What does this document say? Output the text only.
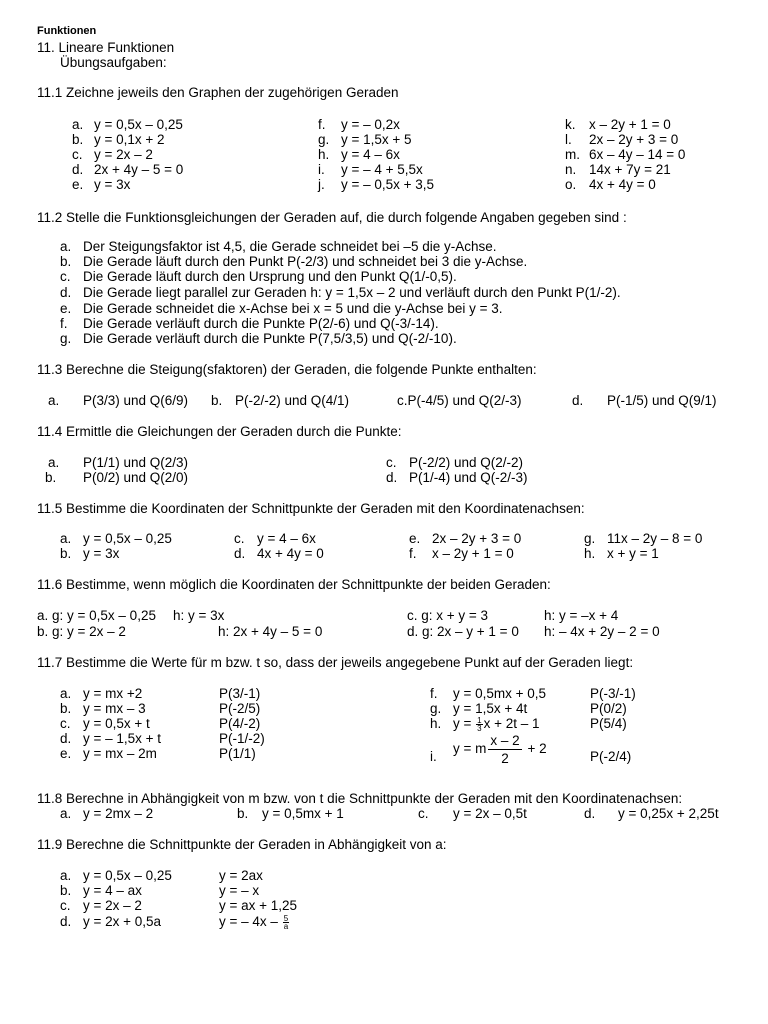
Funktionen
11. Lineare Funktionen
Übungsaufgaben:
11.1 Zeichne jeweils den Graphen der zugehörigen Geraden
a. y = 0,5x – 0,25
b. y = 0,1x + 2
c. y = 2x – 2
d. 2x + 4y – 5 = 0
e. y = 3x
f. y = – 0,2x
g. y = 1,5x + 5
h. y = 4 – 6x
i. y = – 4 + 5,5x
j. y = – 0,5x + 3,5
k. x – 2y + 1 = 0
l. 2x – 2y + 3 = 0
m. 6x – 4y – 14 = 0
n. 14x + 7y = 21
o. 4x + 4y = 0
11.2 Stelle die Funktionsgleichungen der Geraden auf, die durch folgende Angaben gegeben sind :
a. Der Steigungsfaktor ist 4,5, die Gerade schneidet bei –5 die y-Achse.
b. Die Gerade läuft durch den Punkt P(-2/3) und schneidet bei 3 die y-Achse.
c. Die Gerade läuft durch den Ursprung und den Punkt Q(1/-0,5).
d. Die Gerade liegt parallel zur Geraden h: y = 1,5x – 2 und verläuft durch den Punkt P(1/-2).
e. Die Gerade schneidet die x-Achse bei x = 5 und die y-Achse bei y = 3.
f. Die Gerade verläuft durch die Punkte P(2/-6) und Q(-3/-14).
g. Die Gerade verläuft durch die Punkte P(7,5/3,5) und Q(-2/-10).
11.3 Berechne die Steigung(sfaktoren) der Geraden, die folgende Punkte enthalten:
a. P(3/3) und Q(6/9) b. P(-2/-2) und Q(4/1)	c.P(-4/5) und Q(2/-3)	d. P(-1/5) und Q(9/1)
11.4 Ermittle die Gleichungen der Geraden durch die Punkte:
a. P(1/1) und Q(2/3)
b. P(0/2) und Q(2/0)
c. P(-2/2) und Q(2/-2)
d. P(1/-4) und Q(-2/-3)
11.5 Bestimme die Koordinaten der Schnittpunkte der Geraden mit den Koordinatenachsen:
a. y = 0,5x – 0,25
b. y = 3x
c. y = 4 – 6x
d. 4x + 4y = 0
e. 2x – 2y + 3 = 0
f. x – 2y + 1 = 0
g. 11x – 2y – 8 = 0
h. x + y = 1
11.6 Bestimme, wenn möglich die Koordinaten der Schnittpunkte der beiden Geraden:
a. g: y = 0,5x – 0,25 h: y = 3x
b. g: y = 2x – 2	h: 2x + 4y – 5 = 0
c. g: x + y = 3	h: y = –x + 4
d. g: 2x – y + 1 = 0 h: – 4x + 2y – 2 = 0
11.7 Bestimme die Werte für m bzw. t so, dass der jeweils angegebene Punkt auf der Geraden liegt:
a. y = mx +2	P(3/-1)
b. y = mx – 3	P(-2/5)
c. y = 0,5x + t	P(4/-2)
d. y = – 1,5x + t	P(-1/-2)
e. y = mx – 2m	P(1/1)
f. y = 0,5mx + 0,5	P(-3/-1)
g. y = 1,5x + 4t	P(0/2)
h. $y = \frac{1}{3}$ x + 2t – 1	P(5/4)
i.
y = m $\frac{x - 2}{2} + 2$
P(-2/4)
11.8 Berechne in Abhängigkeit von m bzw. von t die Schnittpunkte der Geraden mit den Koordinatenachsen:
a. y = 2mx – 2	b. y = 0,5mx + 1	c. y = 2x – 0,5t	d. y = 0,25x + 2,25t
11.9 Berechne die Schnittpunkte der Geraden in Abhängigkeit von a:
a. y = 0,5x – 0,25	y = 2ax
b. y = 4 – ax	y = – x
c. y = 2x – 2	y = ax + 1,25
d. y = 2x + 0,5a	y = – $4x - \frac{5}{a}$
